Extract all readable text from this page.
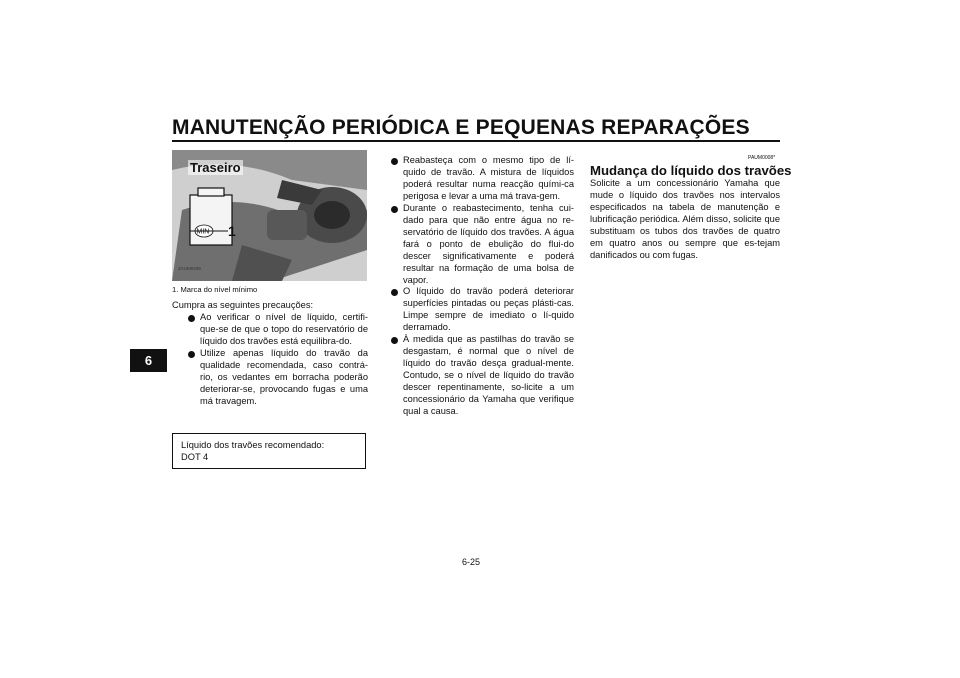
MANUTENÇÃO PERIÓDICA E PEQUENAS REPARAÇÕES
6
MIN
Traseiro
1
ZAUM0409
1. Marca do nível mínimo
Cumpra as seguintes precauções:
Ao verificar o nível de líquido, certifi-que-se de que o topo do reservatório de líquido dos travões está equilibra-do.
Utilize apenas líquido do travão da qualidade recomendada, caso contrá-rio, os vedantes em borracha poderão deteriorar-se, provocando fugas e uma má travagem.
Líquido dos travões recomendado:
DOT 4
Reabasteça com o mesmo tipo de lí-quido de travão. A mistura de líquidos poderá resultar numa reacção quími-ca perigosa e levar a uma má trava-gem.
Durante o reabastecimento, tenha cui-dado para que não entre água no re-servatório de líquido dos travões. A água fará o ponto de ebulição do flui-do descer significativamente e poderá resultar na formação de uma bolsa de vapor.
O líquido do travão poderá deteriorar superfícies pintadas ou peças plásti-cas. Limpe sempre de imediato o lí-quido derramado.
À medida que as pastilhas do travão se desgastam, é normal que o nível de líquido do travão desça gradual-mente. Contudo, se o nível de líquido do travão descer repentinamente, so-licite a um concessionário da Yamaha que verifique qual a causa.
PAUM0008*
Mudança do líquido dos travões
Solicite a um concessionário Yamaha que mude o líquido dos travões nos intervalos especificados na tabela de manutenção e lubrificação periódica. Além disso, solicite que substituam os tubos dos travões de quatro em quatro anos ou sempre que es-tejam danificados ou com fugas.
6-25
